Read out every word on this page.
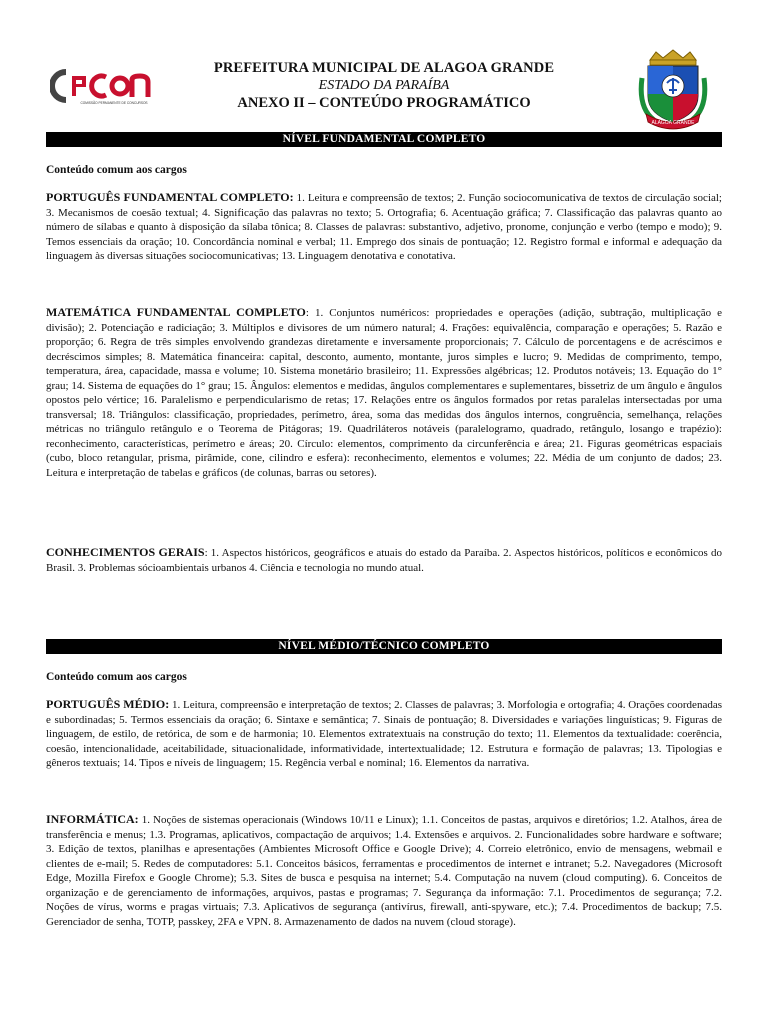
COMISSÃO PERMANENTE DE CONCURSOS
PREFEITURA MUNICIPAL DE ALAGOA GRANDE
ESTADO DA PARAÍBA
ANEXO II – CONTEÚDO PROGRAMÁTICO
ALAGOA GRANDE
NÍVEL FUNDAMENTAL COMPLETO
Conteúdo comum aos cargos

PORTUGUÊS FUNDAMENTAL COMPLETO: 1. Leitura e compreensão de textos; 2. Função sociocomunicativa de textos de circulação social; 3. Mecanismos de coesão textual; 4. Significação das palavras no texto; 5. Ortografia; 6. Acentuação gráfica; 7. Classificação das palavras quanto ao número de sílabas e quanto à disposição da sílaba tônica; 8. Classes de palavras: substantivo, adjetivo, pronome, conjunção e verbo (tempo e modo); 9. Temos essenciais da oração; 10. Concordância nominal e verbal; 11. Emprego dos sinais de pontuação; 12. Registro formal e informal e adequação da linguagem às diversas situações sociocomunicativas; 13. Linguagem denotativa e conotativa.

MATEMÁTICA FUNDAMENTAL COMPLETO: 1. Conjuntos numéricos: propriedades e operações (adição, subtração, multiplicação e divisão); 2. Potenciação e radiciação; 3. Múltiplos e divisores de um número natural; 4. Frações: equivalência, comparação e operações; 5. Razão e proporção; 6. Regra de três simples envolvendo grandezas diretamente e inversamente proporcionais; 7. Cálculo de porcentagens e de acréscimos e decréscimos simples; 8. Matemática financeira: capital, desconto, aumento, montante, juros simples e lucro; 9. Medidas de comprimento, tempo, temperatura, área, capacidade, massa e volume; 10. Sistema monetário brasileiro; 11. Expressões algébricas; 12. Produtos notáveis; 13. Equação do 1° grau; 14. Sistema de equações do 1° grau; 15. Ângulos: elementos e medidas, ângulos complementares e suplementares, bissetriz de um ângulo e ângulos opostos pelo vértice; 16. Paralelismo e perpendicularismo de retas; 17. Relações entre os ângulos formados por retas paralelas intersectadas por uma transversal; 18. Triângulos: classificação, propriedades, perímetro, área, soma das medidas dos ângulos internos, congruência, semelhança, relações métricas no triângulo retângulo e o Teorema de Pitágoras; 19. Quadriláteros notáveis (paralelogramo, quadrado, retângulo, losango e trapézio): reconhecimento, características, perímetro e áreas; 20. Círculo: elementos, comprimento da circunferência e área; 21. Figuras geométricas espaciais (cubo, bloco retangular, prisma, pirâmide, cone, cilindro e esfera): reconhecimento, elementos e volumes; 22. Média de um conjunto de dados; 23. Leitura e interpretação de tabelas e gráficos (de colunas, barras ou setores).

CONHECIMENTOS GERAIS: 1. Aspectos históricos, geográficos e atuais do estado da Paraíba. 2. Aspectos históricos, políticos e econômicos do Brasil. 3. Problemas sócioambientais urbanos 4. Ciência e tecnologia no mundo atual.

NÍVEL MÉDIO/TÉCNICO COMPLETO
Conteúdo comum aos cargos

PORTUGUÊS MÉDIO: 1. Leitura, compreensão e interpretação de textos; 2. Classes de palavras; 3. Morfologia e ortografia; 4. Orações coordenadas e subordinadas; 5. Termos essenciais da oração; 6. Sintaxe e semântica; 7. Sinais de pontuação; 8. Diversidades e variações linguísticas; 9. Figuras de linguagem, de estilo, de retórica, de som e de harmonia; 10. Elementos extratextuais na construção do texto; 11. Elementos da textualidade: coerência, coesão, intencionalidade, aceitabilidade, situacionalidade, informatividade, intertextualidade; 12. Estrutura e formação de palavras; 13. Tipologias e gêneros textuais; 14. Tipos e níveis de linguagem; 15. Regência verbal e nominal; 16. Elementos da narrativa.

INFORMÁTICA: 1. Noções de sistemas operacionais (Windows 10/11 e Linux); 1.1. Conceitos de pastas, arquivos e diretórios; 1.2. Atalhos, área de transferência e menus; 1.3. Programas, aplicativos, compactação de arquivos; 1.4. Extensões e arquivos. 2. Funcionalidades sobre hardware e software; 3. Edição de textos, planilhas e apresentações (Ambientes Microsoft Office e Google Drive); 4. Correio eletrônico, envio de mensagens, webmail e clientes de e-mail; 5. Redes de computadores: 5.1. Conceitos básicos, ferramentas e procedimentos de internet e intranet; 5.2. Navegadores (Microsoft Edge, Mozilla Firefox e Google Chrome); 5.3. Sites de busca e pesquisa na internet; 5.4. Computação na nuvem (cloud computing). 6. Conceitos de organização e de gerenciamento de informações, arquivos, pastas e programas; 7. Segurança da informação: 7.1. Procedimentos de segurança; 7.2. Noções de vírus, worms e pragas virtuais; 7.3. Aplicativos de segurança (antivírus, firewall, anti-spyware, etc.); 7.4. Procedimentos de backup; 7.5. Gerenciador de senha, TOTP, passkey, 2FA e VPN. 8. Armazenamento de dados na nuvem (cloud storage).
